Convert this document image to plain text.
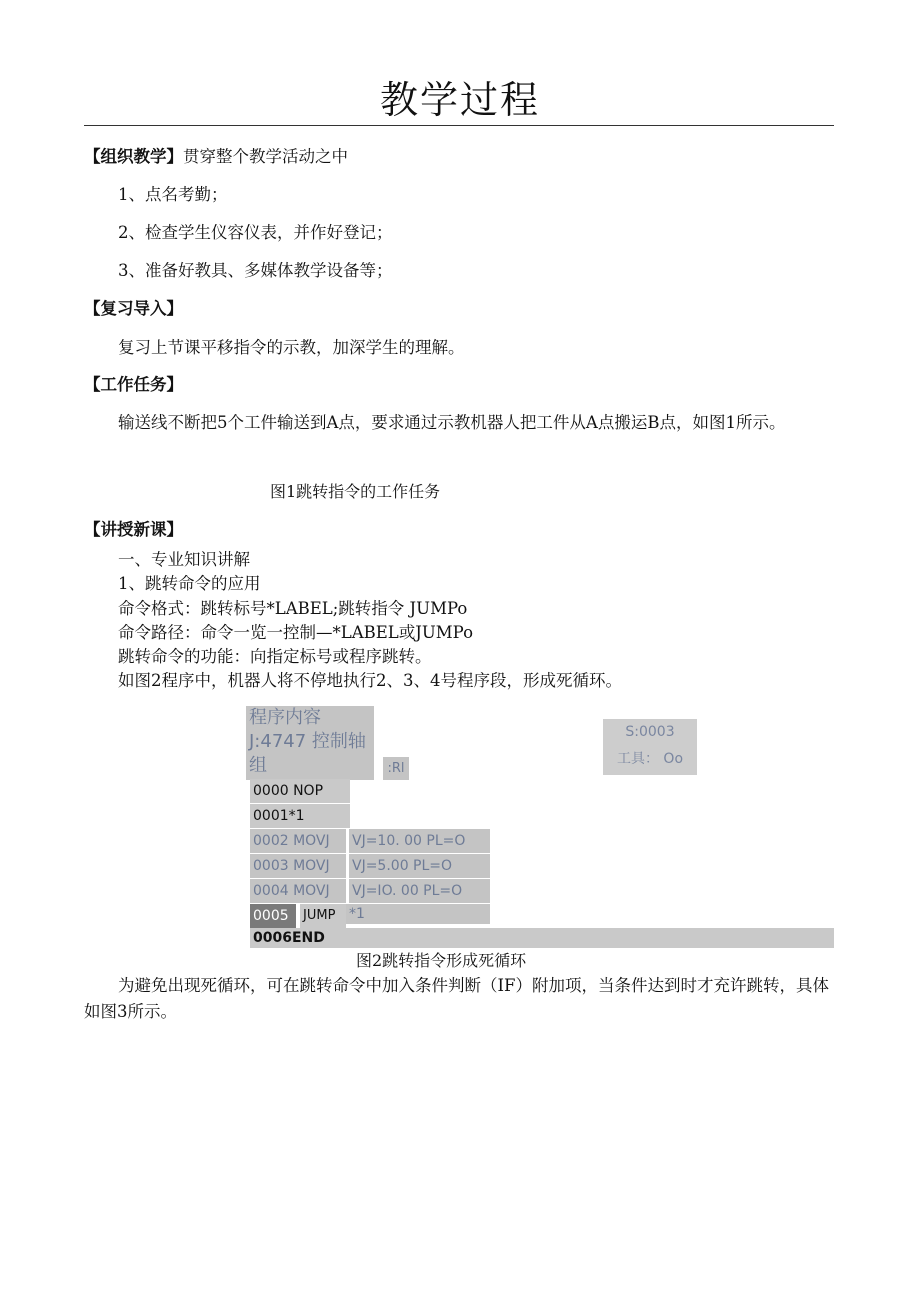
教学过程
【组织教学】贯穿整个教学活动之中
1、点名考勤；
2、检查学生仪容仪表，并作好登记；
3、准备好教具、多媒体教学设备等；
【复习导入】
复习上节课平移指令的示教，加深学生的理解。
【工作任务】
输送线不断把5个工件输送到A点，要求通过示教机器人把工件从A点搬运B点，如图1所示。
图1跳转指令的工作任务
【讲授新课】
一、专业知识讲解
1、跳转命令的应用
命令格式：跳转标号*LABEL;跳转指令 JUMPo
命令路径：命令一览一控制—*LABEL或JUMPo
跳转命令的功能：向指定标号或程序跳转。
如图2程序中，机器人将不停地执行2、3、4号程序段，形成死循环。
程序内容
J:4747 控制轴
组	:Rl
S:0003
工具： Oo
0000 NOP
0001*1
0002 MOVJ	VJ=10. 00 PL=O
0003 MOVJ	VJ=5.00 PL=O
0004 MOVJ	VJ=IO. 00 PL=O
0005	JUMP *1
0006END
图2跳转指令形成死循环
为避免出现死循环，可在跳转命令中加入条件判断（IF）附加项，当条件达到时才充许跳转，具体如图3所示。
